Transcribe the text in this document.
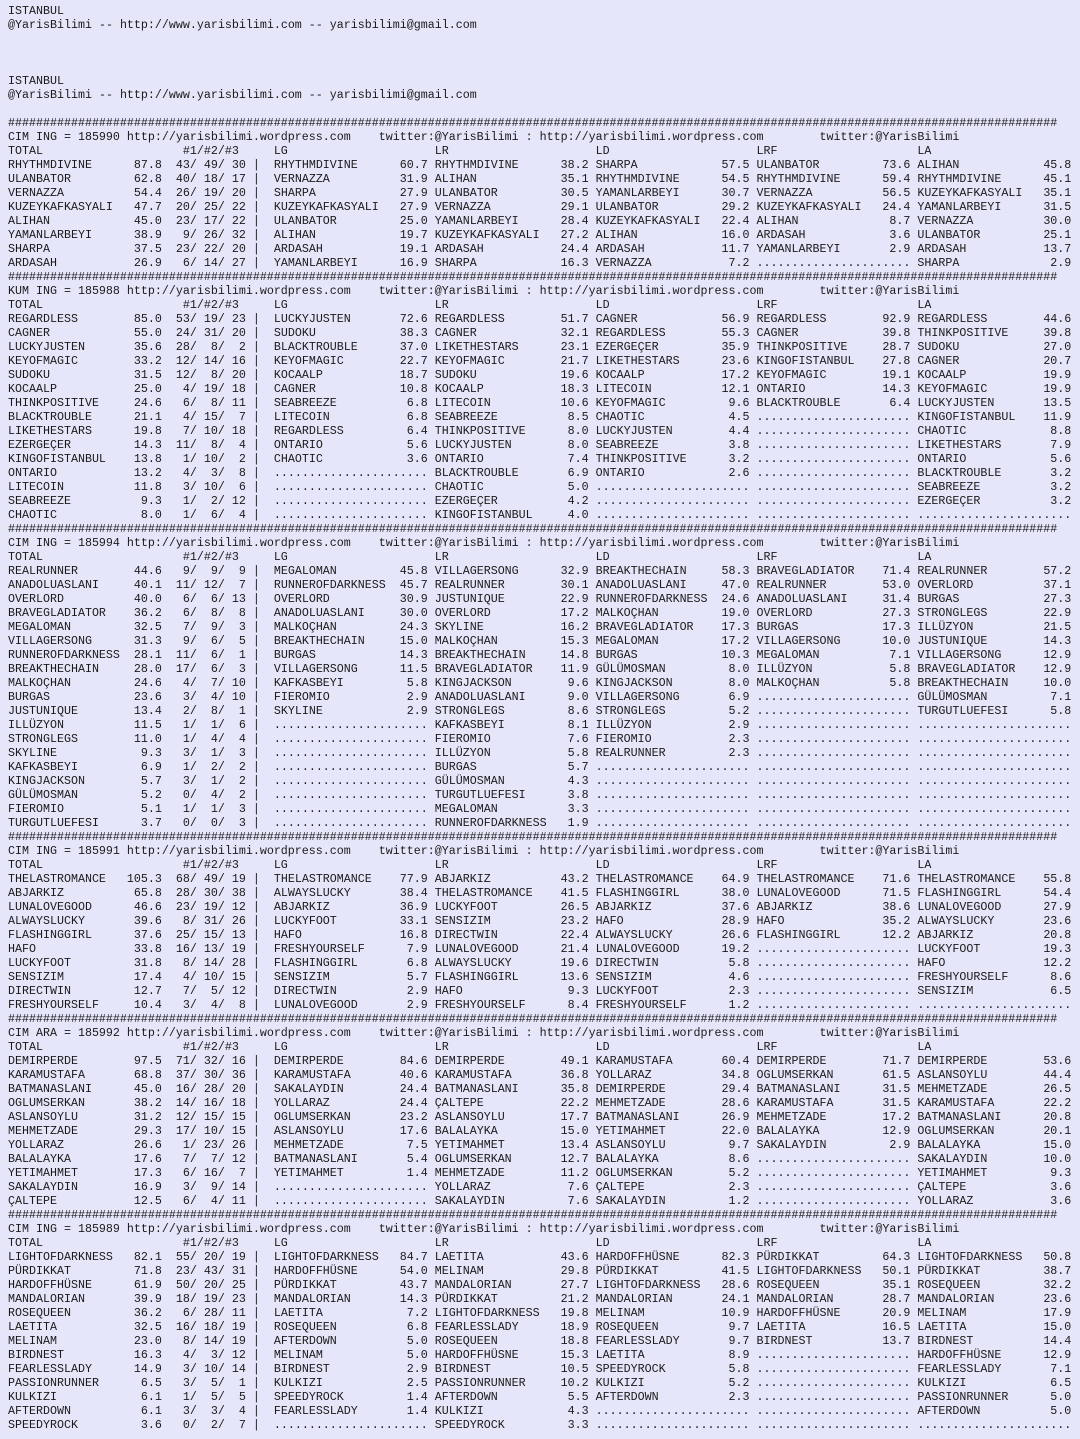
ISTANBUL
@YarisBilimi -- http://www.yarisbilimi.com -- yarisbilimi@gmail.com
ISTANBUL
@YarisBilimi -- http://www.yarisbilimi.com -- yarisbilimi@gmail.com
######################################################################################################################################################
CIM ING = 185990 http://yarisbilimi.wordpress.com twitter:@YarisBilimi : http://yarisbilimi.wordpress.com	twitter:@YarisBilimi
TOTAL                    #1/#2/#3     LG                     LR                     LD                     LRF                    LA
RHYTHMDIVINE      87.8 43/ 49/ 30 |  RHYTHMDIVINE      60.7 RHYTHMDIVINE      38.2 SHARPA            57.5 ULANBATOR         73.6 ALIHAN            45.8
ULANBATOR         62.8 40/ 18/ 17 |  VERNAZZA          31.9 ALIHAN            35.1 RHYTHMDIVINE      54.5 RHYTHMDIVINE      59.4 RHYTHMDIVINE      45.1
VERNAZZA          54.4 26/ 19/ 20 |  SHARPA            27.9 ULANBATOR         30.5 YAMANLARBEYI      30.7 VERNAZZA          56.5 KUZEYKAFKASYALI   35.1
KUZEYKAFKASYALI   47.7 20/ 25/ 22 |  KUZEYKAFKASYALI   27.9 VERNAZZA          29.1 ULANBATOR         29.2 KUZEYKAFKASYALI   24.4 YAMANLARBEYI      31.5
ALIHAN            45.0 23/ 17/ 22 |  ULANBATOR         25.0 YAMANLARBEYI      28.4 KUZEYKAFKASYALI   22.4 ALIHAN             8.7 VERNAZZA          30.0
YAMANLARBEYI      38.9   9/ 26/ 32 |  ALIHAN            19.7 KUZEYKAFKASYALI   27.2 ALIHAN            16.0 ARDASAH            3.6 ULANBATOR         25.1
SHARPA            37.5 23/ 22/ 20 |  ARDASAH           19.1 ARDASAH           24.4 ARDASAH           11.7 YAMANLARBEYI       2.9 ARDASAH           13.7
ARDASAH           26.9   6/ 14/ 27 |  YAMANLARBEYI      16.9 SHARPA            16.3 VERNAZZA           7.2 ...................... SHARPA             2.9
######################################################################################################################################################
KUM ING = 185988 http://yarisbilimi.wordpress.com twitter:@YarisBilimi : http://yarisbilimi.wordpress.com	twitter:@YarisBilimi
TOTAL                    #1/#2/#3     LG                     LR                     LD                     LRF                    LA
REGARDLESS        85.0 53/ 19/ 23 |  LUCKYJUSTEN       72.6 REGARDLESS        51.7 CAGNER            56.9 REGARDLESS        92.9 REGARDLESS        44.6
CAGNER            55.0 24/ 31/ 20 |  SUDOKU            38.3 CAGNER            32.1 REGARDLESS        55.3 CAGNER            39.8 THINKPOSITIVE     39.8
LUCKYJUSTEN       35.6 28/  8/  2 |  BLACKTROUBLE      37.0 LIKETHESTARS      23.1 EZERGEÇER         35.9 THINKPOSITIVE     28.7 SUDOKU            27.0
KEYOFMAGIC        33.2 12/ 14/ 16 |  KEYOFMAGIC        22.7 KEYOFMAGIC        21.7 LIKETHESTARS      23.6 KINGOFISTANBUL    27.8 CAGNER            20.7
SUDOKU            31.5 12/  8/ 20 |  KOCAALP           18.7 SUDOKU            19.6 KOCAALP           17.2 KEYOFMAGIC        19.1 KOCAALP           19.9
KOCAALP           25.0   4/ 19/ 18 |  CAGNER            10.8 KOCAALP           18.3 LITECOIN          12.1 ONTARIO           14.3 KEYOFMAGIC        19.9
THINKPOSITIVE     24.6   6/  8/ 11 |  SEABREEZE          6.8 LITECOIN          10.6 KEYOFMAGIC         9.6 BLACKTROUBLE       6.4 LUCKYJUSTEN       13.5
BLACKTROUBLE      21.1   4/ 15/  7 |  LITECOIN           6.8 SEABREEZE          8.5 CHAOTIC            4.5 ...................... KINGOFISTANBUL    11.9
LIKETHESTARS      19.8   7/ 10/ 18 |  REGARDLESS         6.4 THINKPOSITIVE      8.0 LUCKYJUSTEN        4.4 ...................... CHAOTIC            8.8
EZERGEÇER         14.3 11/  8/  4 |  ONTARIO            5.6 LUCKYJUSTEN        8.0 SEABREEZE          3.8 ...................... LIKETHESTARS       7.9
KINGOFISTANBUL    13.8   1/ 10/  2 |  CHAOTIC            3.6 ONTARIO            7.4 THINKPOSITIVE      3.2 ...................... ONTARIO            5.6
ONTARIO           13.2   4/  3/  8 |  ...................... BLACKTROUBLE       6.9 ONTARIO            2.6 ...................... BLACKTROUBLE       3.2
LITECOIN          11.8   3/ 10/  6 |  ...................... CHAOTIC            5.0 ...................... ...................... SEABREEZE          3.2
SEABREEZE          9.3   1/  2/ 12 |  ...................... EZERGEÇER          4.2 ...................... ...................... EZERGEÇER          3.2
CHAOTIC            8.0   1/  6/  4 |  ...................... KINGOFISTANBUL     4.0 ...................... ...................... ......................
######################################################################################################################################################
CIM ING = 185994 http://yarisbilimi.wordpress.com twitter:@YarisBilimi : http://yarisbilimi.wordpress.com	twitter:@YarisBilimi
TOTAL                    #1/#2/#3     LG                     LR                     LD                     LRF                    LA
REALRUNNER        44.6   9/  9/  9 |  MEGALOMAN         45.8 VILLAGERSONG      32.9 BREAKTHECHAIN     58.3 BRAVEGLADIATOR    71.4 REALRUNNER        57.2
ANADOLUASLANI     40.1 11/ 12/  7 |  RUNNEROFDARKNESS  45.7 REALRUNNER        30.1 ANADOLUASLANI     47.0 REALRUNNER        53.0 OVERLORD          37.1
OVERLORD          40.0   6/  6/ 13 |  OVERLORD          30.9 JUSTUNIQUE        22.9 RUNNEROFDARKNESS  24.6 ANADOLUASLANI     31.4 BURGAS            27.3
BRAVEGLADIATOR    36.2   6/  8/  8 |  ANADOLUASLANI     30.0 OVERLORD          17.2 MALKOÇHAN         19.0 OVERLORD          27.3 STRONGLEGS        22.9
MEGALOMAN         32.5   7/  9/  3 |  MALKOÇHAN         24.3 SKYLINE           16.2 BRAVEGLADIATOR    17.3 BURGAS            17.3 ILLÜZYON          21.5
VILLAGERSONG      31.3   9/  6/  5 |  BREAKTHECHAIN     15.0 MALKOÇHAN         15.3 MEGALOMAN         17.2 VILLAGERSONG      10.0 JUSTUNIQUE        14.3
RUNNEROFDARKNESS  28.1 11/  6/  1 |  BURGAS            14.3 BREAKTHECHAIN     14.8 BURGAS            10.3 MEGALOMAN          7.1 VILLAGERSONG      12.9
BREAKTHECHAIN     28.0 17/  6/  3 |  VILLAGERSONG      11.5 BRAVEGLADIATOR    11.9 GÜLÜMOSMAN         8.0 ILLÜZYON           5.8 BRAVEGLADIATOR    12.9
MALKOÇHAN         24.6   4/  7/ 10 |  KAFKASBEYI         5.8 KINGJACKSON        9.6 KINGJACKSON        8.0 MALKOÇHAN          5.8 BREAKTHECHAIN     10.0
BURGAS            23.6   3/  4/ 10 |  FIEROMIO           2.9 ANADOLUASLANI      9.0 VILLAGERSONG       6.9 ...................... GÜLÜMOSMAN         7.1
JUSTUNIQUE        13.4   2/  8/  1 |  SKYLINE            2.9 STRONGLEGS         8.6 STRONGLEGS         5.2 ...................... TURGUTLUEFESI      5.8
ILLÜZYON          11.5   1/  1/  6 |  ...................... KAFKASBEYI         8.1 ILLÜZYON           2.9 ...................... ......................
STRONGLEGS        11.0   1/  4/  4 |  ...................... FIEROMIO           7.6 FIEROMIO           2.3 ...................... ......................
SKYLINE            9.3   3/  1/  3 |  ...................... ILLÜZYON           5.8 REALRUNNER         2.3 ...................... ......................
KAFKASBEYI         6.9   1/  2/  2 |  ...................... BURGAS             5.7 ...................... ...................... ......................
KINGJACKSON        5.7   3/  1/  2 |  ...................... GÜLÜMOSMAN         4.3 ...................... ...................... ......................
GÜLÜMOSMAN         5.2   0/  4/  2 |  ...................... TURGUTLUEFESI      3.8 ...................... ...................... ......................
FIEROMIO           5.1   1/  1/  3 |  ...................... MEGALOMAN          3.3 ...................... ...................... ......................
TURGUTLUEFESI      3.7   0/  0/  3 |  ...................... RUNNEROFDARKNESS   1.9 ...................... ...................... ......................
######################################################################################################################################################
CIM ING = 185991 http://yarisbilimi.wordpress.com twitter:@YarisBilimi : http://yarisbilimi.wordpress.com	twitter:@YarisBilimi
TOTAL                    #1/#2/#3     LG                     LR                     LD                     LRF                    LA
THELASTROMANCE   105.3 68/ 49/ 19 |  THELASTROMANCE    77.9 ABJARKIZ          43.2 THELASTROMANCE    64.9 THELASTROMANCE    71.6 THELASTROMANCE    55.8
ABJARKIZ          65.8 28/ 30/ 38 |  ALWAYSLUCKY       38.4 THELASTROMANCE    41.5 FLASHINGGIRL      38.0 LUNALOVEGOOD      71.5 FLASHINGGIRL      54.4
LUNALOVEGOOD      46.6 23/ 19/ 12 |  ABJARKIZ          36.9 LUCKYFOOT         26.5 ABJARKIZ          37.6 ABJARKIZ          38.6 LUNALOVEGOOD      27.9
ALWAYSLUCKY       39.6   8/ 31/ 26 |  LUCKYFOOT         33.1 SENSIZIM          23.2 HAFO              28.9 HAFO              35.2 ALWAYSLUCKY       23.6
FLASHINGGIRL      37.6 25/ 15/ 13 |  HAFO              16.8 DIRECTWIN         22.4 ALWAYSLUCKY       26.6 FLASHINGGIRL      12.2 ABJARKIZ          20.8
HAFO              33.8 16/ 13/ 19 |  FRESHYOURSELF      7.9 LUNALOVEGOOD      21.4 LUNALOVEGOOD      19.2 ...................... LUCKYFOOT         19.3
LUCKYFOOT         31.8   8/ 14/ 28 |  FLASHINGGIRL       6.8 ALWAYSLUCKY       19.6 DIRECTWIN          5.8 ...................... HAFO              12.2
SENSIZIM          17.4   4/ 10/ 15 |  SENSIZIM           5.7 FLASHINGGIRL      13.6 SENSIZIM           4.6 ...................... FRESHYOURSELF      8.6
DIRECTWIN         12.7   7/  5/ 12 |  DIRECTWIN          2.9 HAFO               9.3 LUCKYFOOT          2.3 ...................... SENSIZIM           6.5
FRESHYOURSELF     10.4   3/  4/  8 |  LUNALOVEGOOD       2.9 FRESHYOURSELF      8.4 FRESHYOURSELF      1.2 ...................... ......................
######################################################################################################################################################
CIM ARA = 185992 http://yarisbilimi.wordpress.com twitter:@YarisBilimi : http://yarisbilimi.wordpress.com	twitter:@YarisBilimi
TOTAL                    #1/#2/#3     LG                     LR                     LD                     LRF                    LA
DEMIRPERDE        97.5 71/ 32/ 16 |  DEMIRPERDE        84.6 DEMIRPERDE        49.1 KARAMUSTAFA       60.4 DEMIRPERDE        71.7 DEMIRPERDE        53.6
KARAMUSTAFA       68.8 37/ 30/ 36 |  KARAMUSTAFA       40.6 KARAMUSTAFA       36.8 YOLLARAZ          34.8 OGLUMSERKAN       61.5 ASLANSOYLU        44.4
BATMANASLANI      45.0 16/ 28/ 20 |  SAKALAYDIN        24.4 BATMANASLANI      35.8 DEMIRPERDE        29.4 BATMANASLANI      31.5 MEHMETZADE        26.5
OGLUMSERKAN       38.2 14/ 16/ 18 |  YOLLARAZ          24.4 ÇALTEPE           22.2 MEHMETZADE        28.6 KARAMUSTAFA       31.5 KARAMUSTAFA       22.2
ASLANSOYLU        31.2 12/ 15/ 15 |  OGLUMSERKAN       23.2 ASLANSOYLU        17.7 BATMANASLANI      26.9 MEHMETZADE        17.2 BATMANASLANI      20.8
MEHMETZADE        29.3 17/ 10/ 15 |  ASLANSOYLU        17.6 BALALAYKA         15.0 YETIMAHMET        22.0 BALALAYKA         12.9 OGLUMSERKAN       20.1
YOLLARAZ          26.6   1/ 23/ 26 |  MEHMETZADE         7.5 YETIMAHMET        13.4 ASLANSOYLU         9.7 SAKALAYDIN         2.9 BALALAYKA         15.0
BALALAYKA         17.6   7/  7/ 12 |  BATMANASLANI       5.4 OGLUMSERKAN       12.7 BALALAYKA          8.6 ...................... SAKALAYDIN        10.0
YETIMAHMET        17.3   6/ 16/  7 |  YETIMAHMET         1.4 MEHMETZADE        11.2 OGLUMSERKAN        5.2 ...................... YETIMAHMET         9.3
SAKALAYDIN        16.9   3/  9/ 14 |  ...................... YOLLARAZ           7.6 ÇALTEPE            2.3 ...................... ÇALTEPE            3.6
ÇALTEPE           12.5   6/  4/ 11 |  ...................... SAKALAYDIN         7.6 SAKALAYDIN         1.2 ...................... YOLLARAZ           3.6
######################################################################################################################################################
CIM ING = 185989 http://yarisbilimi.wordpress.com twitter:@YarisBilimi : http://yarisbilimi.wordpress.com	twitter:@YarisBilimi
TOTAL                    #1/#2/#3     LG                     LR                     LD                     LRF                    LA
LIGHTOFDARKNESS   82.1 55/ 20/ 19 |  LIGHTOFDARKNESS   84.7 LAETITA           43.6 HARDOFFHÜSNE      82.3 PÜRDIKKAT         64.3 LIGHTOFDARKNESS   50.8
PÜRDIKKAT         71.8 23/ 43/ 31 |  HARDOFFHÜSNE      54.0 MELINAM           29.8 PÜRDIKKAT         41.5 LIGHTOFDARKNESS   50.1 PÜRDIKKAT         38.7
HARDOFFHÜSNE      61.9 50/ 20/ 25 |  PÜRDIKKAT         43.7 MANDALORIAN       27.7 LIGHTOFDARKNESS   28.6 ROSEQUEEN         35.1 ROSEQUEEN         32.2
MANDALORIAN       39.9 18/ 19/ 23 |  MANDALORIAN       14.3 PÜRDIKKAT         21.2 MANDALORIAN       24.1 MANDALORIAN       28.7 MANDALORIAN       23.6
ROSEQUEEN         36.2   6/ 28/ 11 |  LAETITA            7.2 LIGHTOFDARKNESS   19.8 MELINAM           10.9 HARDOFFHÜSNE      20.9 MELINAM           17.9
LAETITA           32.5 16/ 18/ 19 |  ROSEQUEEN          6.8 FEARLESSLADY      18.9 ROSEQUEEN          9.7 LAETITA           16.5 LAETITA           15.0
MELINAM           23.0   8/ 14/ 19 |  AFTERDOWN          5.0 ROSEQUEEN         18.8 FEARLESSLADY       9.7 BIRDNEST          13.7 BIRDNEST          14.4
BIRDNEST          16.3   4/  3/ 12 |  MELINAM            5.0 HARDOFFHÜSNE      15.3 LAETITA            8.9 ...................... HARDOFFHÜSNE      12.9
FEARLESSLADY      14.9   3/ 10/ 14 |  BIRDNEST           2.9 BIRDNEST          10.5 SPEEDYROCK         5.8 ...................... FEARLESSLADY       7.1
PASSIONRUNNER      6.5   3/  5/  1 |  KULKIZI            2.5 PASSIONRUNNER     10.2 KULKIZI            5.2 ...................... KULKIZI            6.5
KULKIZI            6.1   1/  5/  5 |  SPEEDYROCK         1.4 AFTERDOWN          5.5 AFTERDOWN          2.3 ...................... PASSIONRUNNER      5.0
AFTERDOWN          6.1   3/  3/  4 |  FEARLESSLADY       1.4 KULKIZI            4.3 ...................... ...................... AFTERDOWN          5.0
SPEEDYROCK         3.6   0/  2/  7 |  ...................... SPEEDYROCK         3.3 ...................... ...................... ......................
